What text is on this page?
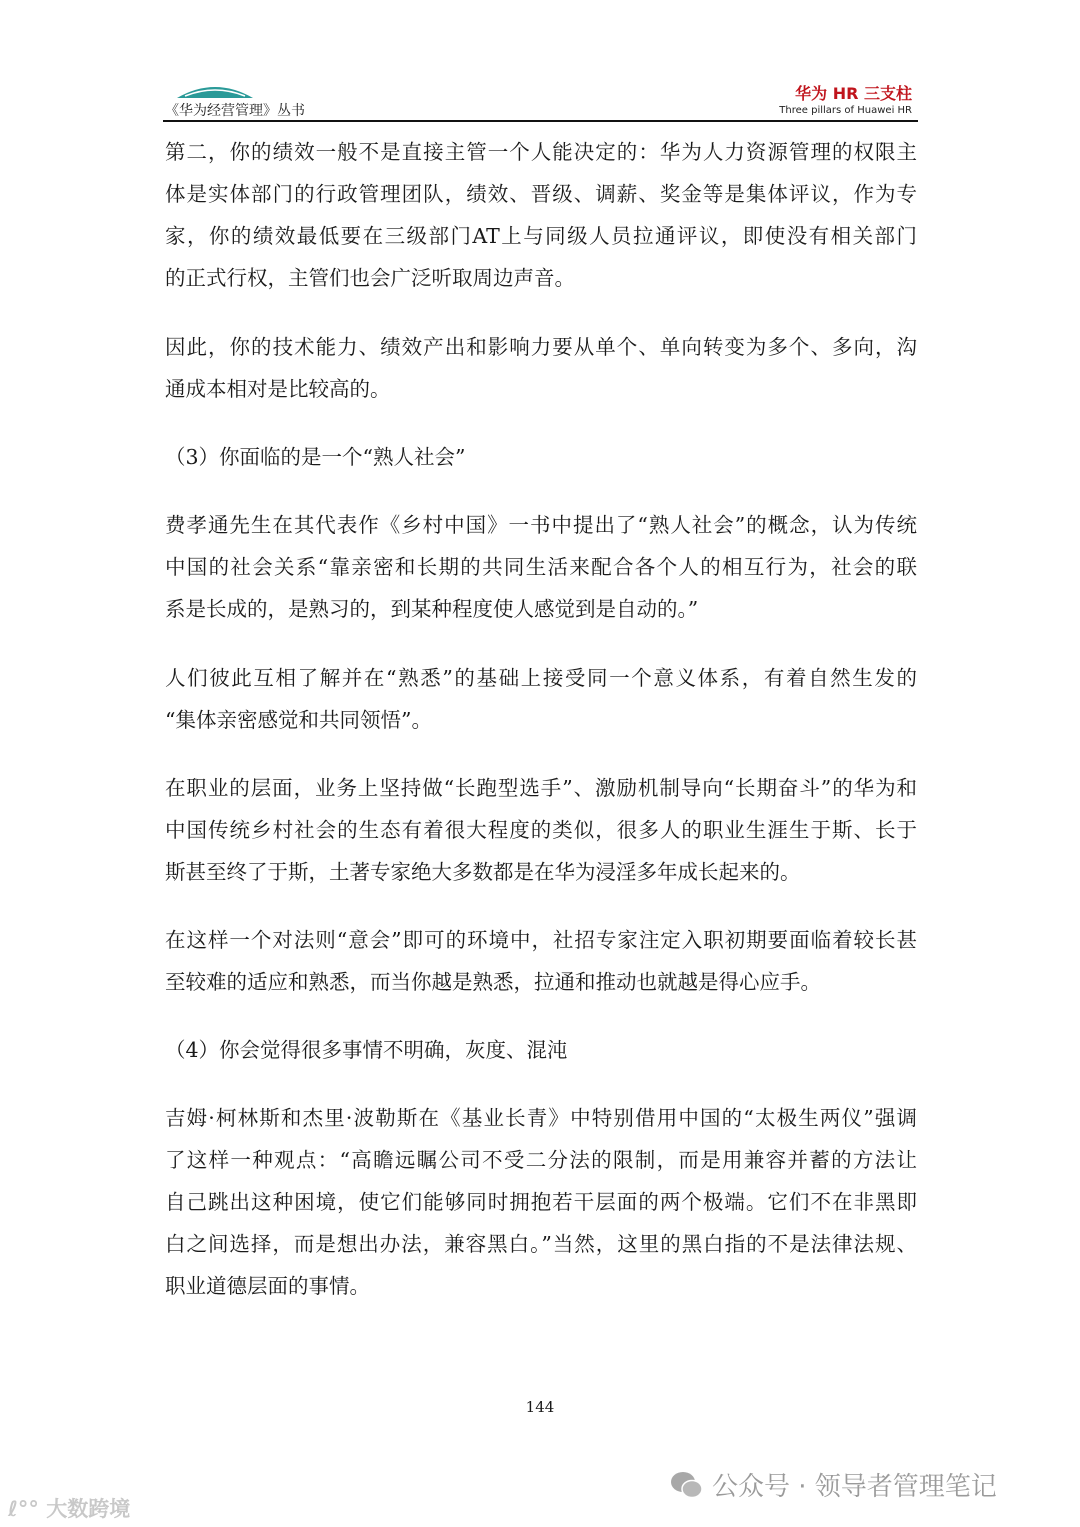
《华为经营管理》丛书
华为 HR 三支柱
Three pillars of Huawei HR
第二，你的绩效一般不是直接主管一个人能决定的：华为人力资源管理的权限主
体是实体部门的行政管理团队，绩效、晋级、调薪、奖金等是集体评议，作为专
家，你的绩效最低要在三级部门AT上与同级人员拉通评议，即使没有相关部门
的正式行权，主管们也会广泛听取周边声音。
因此，你的技术能力、绩效产出和影响力要从单个、单向转变为多个、多向，沟
通成本相对是比较高的。
（3）你面临的是一个“熟人社会”
费孝通先生在其代表作《乡村中国》一书中提出了“熟人社会”的概念，认为传统
中国的社会关系“靠亲密和长期的共同生活来配合各个人的相互行为，社会的联
系是长成的，是熟习的，到某种程度使人感觉到是自动的。”
人们彼此互相了解并在“熟悉”的基础上接受同一个意义体系，有着自然生发的
“集体亲密感觉和共同领悟”。
在职业的层面，业务上坚持做“长跑型选手”、激励机制导向“长期奋斗”的华为和
中国传统乡村社会的生态有着很大程度的类似，很多人的职业生涯生于斯、长于
斯甚至终了于斯，土著专家绝大多数都是在华为浸淫多年成长起来的。
在这样一个对法则“意会”即可的环境中，社招专家注定入职初期要面临着较长甚
至较难的适应和熟悉，而当你越是熟悉，拉通和推动也就越是得心应手。
（4）你会觉得很多事情不明确，灰度、混沌
吉姆·柯林斯和杰里·波勒斯在《基业长青》中特别借用中国的“太极生两仪”强调
了这样一种观点：“高瞻远瞩公司不受二分法的限制，而是用兼容并蓄的方法让
自己跳出这种困境，使它们能够同时拥抱若干层面的两个极端。它们不在非黑即
白之间选择，而是想出办法，兼容黑白。”当然，这里的黑白指的不是法律法规、
职业道德层面的事情。
144
公众号 · 领导者管理笔记
ℓ°° 大数跨境
